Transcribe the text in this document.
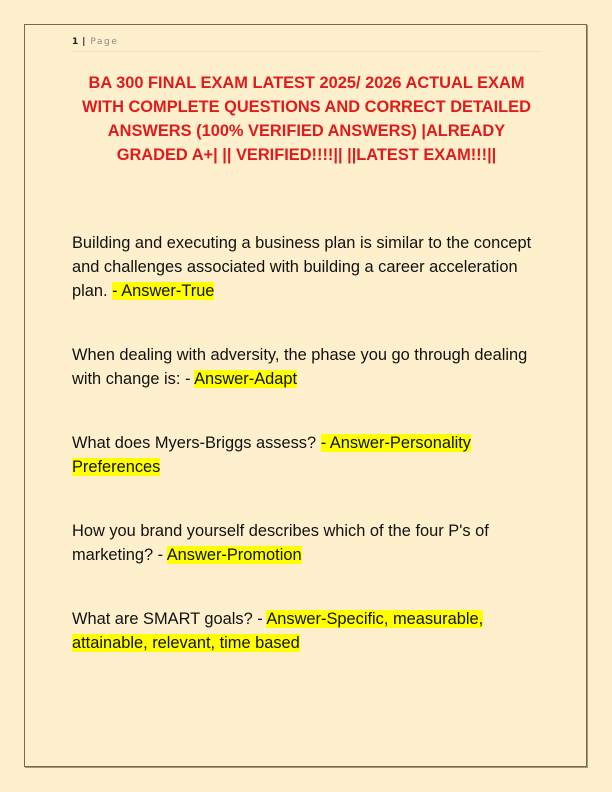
1 | Page
BA 300 FINAL EXAM LATEST 2025/ 2026 ACTUAL EXAM WITH COMPLETE QUESTIONS AND CORRECT DETAILED ANSWERS (100% VERIFIED ANSWERS) |ALREADY GRADED A+| || VERIFIED!!!!|| ||LATEST EXAM!!!||
Building and executing a business plan is similar to the concept and challenges associated with building a career acceleration plan. - Answer-True
When dealing with adversity, the phase you go through dealing with change is: - Answer-Adapt
What does Myers-Briggs assess? - Answer-Personality Preferences
How you brand yourself describes which of the four P's of marketing? - Answer-Promotion
What are SMART goals? - Answer-Specific, measurable, attainable, relevant, time based
